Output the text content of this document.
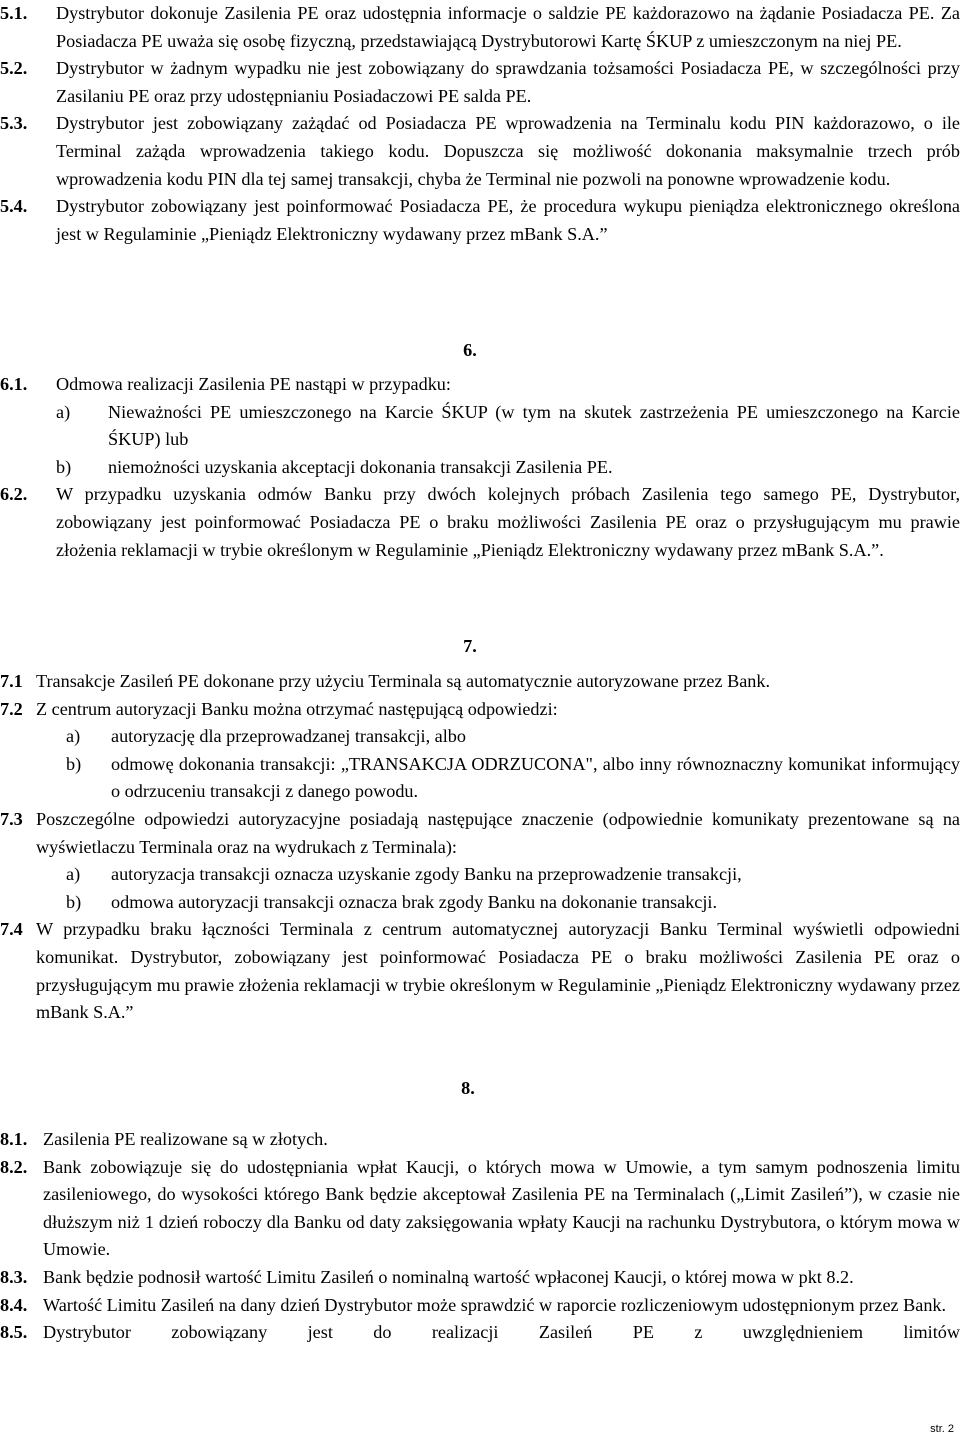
5.1. Dystrybutor dokonuje Zasilenia PE oraz udostępnia informacje o saldzie PE każdorazowo na żądanie Posiadacza PE. Za Posiadacza PE uważa się osobę fizyczną, przedstawiającą Dystrybutorowi Kartę ŚKUP z umieszczonym na niej PE.
5.2. Dystrybutor w żadnym wypadku nie jest zobowiązany do sprawdzania tożsamości Posiadacza PE, w szczególności przy Zasilaniu PE oraz przy udostępnianiu Posiadaczowi PE salda PE.
5.3. Dystrybutor jest zobowiązany zażądać od Posiadacza PE wprowadzenia na Terminalu kodu PIN każdorazowo, o ile Terminal zażąda wprowadzenia takiego kodu. Dopuszcza się możliwość dokonania maksymalnie trzech prób wprowadzenia kodu PIN dla tej samej transakcji, chyba że Terminal nie pozwoli na ponowne wprowadzenie kodu.
5.4. Dystrybutor zobowiązany jest poinformować Posiadacza PE, że procedura wykupu pieniądza elektronicznego określona jest w Regulaminie „Pieniądz Elektroniczny wydawany przez mBank S.A.”
6.
6.1. Odmowa realizacji Zasilenia PE nastąpi w przypadku:
a) Nieważności PE umieszczonego na Karcie ŚKUP (w tym na skutek zastrzeżenia PE umieszczonego na Karcie ŚKUP) lub
b) niemożności uzyskania akceptacji dokonania transakcji Zasilenia PE.
6.2. W przypadku uzyskania odmów Banku przy dwóch kolejnych próbach Zasilenia tego samego PE, Dystrybutor, zobowiązany jest poinformować Posiadacza PE o braku możliwości Zasilenia PE oraz o przysługującym mu prawie złożenia reklamacji w trybie określonym w Regulaminie „Pieniądz Elektroniczny wydawany przez mBank S.A.”.
7.
7.1 Transakcje Zasileń PE dokonane przy użyciu Terminala są automatycznie autoryzowane przez Bank.
7.2 Z centrum autoryzacji Banku można otrzymać następującą odpowiedzi:
a) autoryzację dla przeprowadzanej transakcji, albo
b) odmowę dokonania transakcji: „TRANSAKCJA ODRZUCONA", albo inny równoznaczny komunikat informujący o odrzuceniu transakcji z danego powodu.
7.3 Poszczególne odpowiedzi autoryzacyjne posiadają następujące znaczenie (odpowiednie komunikaty prezentowane są na wyświetlaczu Terminala oraz na wydrukach z Terminala):
a) autoryzacja transakcji oznacza uzyskanie zgody Banku na przeprowadzenie transakcji,
b) odmowa autoryzacji transakcji oznacza brak zgody Banku na dokonanie transakcji.
7.4 W przypadku braku łączności Terminala z centrum automatycznej autoryzacji Banku Terminal wyświetli odpowiedni komunikat. Dystrybutor, zobowiązany jest poinformować Posiadacza PE o braku możliwości Zasilenia PE oraz o przysługującym mu prawie złożenia reklamacji w trybie określonym w Regulaminie „Pieniądz Elektroniczny wydawany przez mBank S.A.”
8.
8.1. Zasilenia PE realizowane są w złotych.
8.2. Bank zobowiązuje się do udostępniania wpłat Kaucji, o których mowa w Umowie, a tym samym podnoszenia limitu zasileniowego, do wysokości którego Bank będzie akceptował Zasilenia PE na Terminalach („Limit Zasileń”), w czasie nie dłuższym niż 1 dzień roboczy dla Banku od daty zaksięgowania wpłaty Kaucji na rachunku Dystrybutora, o którym mowa w Umowie.
8.3. Bank będzie podnosił wartość Limitu Zasileń o nominalną wartość wpłaconej Kaucji, o której mowa w pkt 8.2.
8.4. Wartość Limitu Zasileń na dany dzień Dystrybutor może sprawdzić w raporcie rozliczeniowym udostępnionym przez Bank.
8.5. Dystrybutor zobowiązany jest do realizacji Zasileń PE z uwzględnieniem limitów
str. 2
